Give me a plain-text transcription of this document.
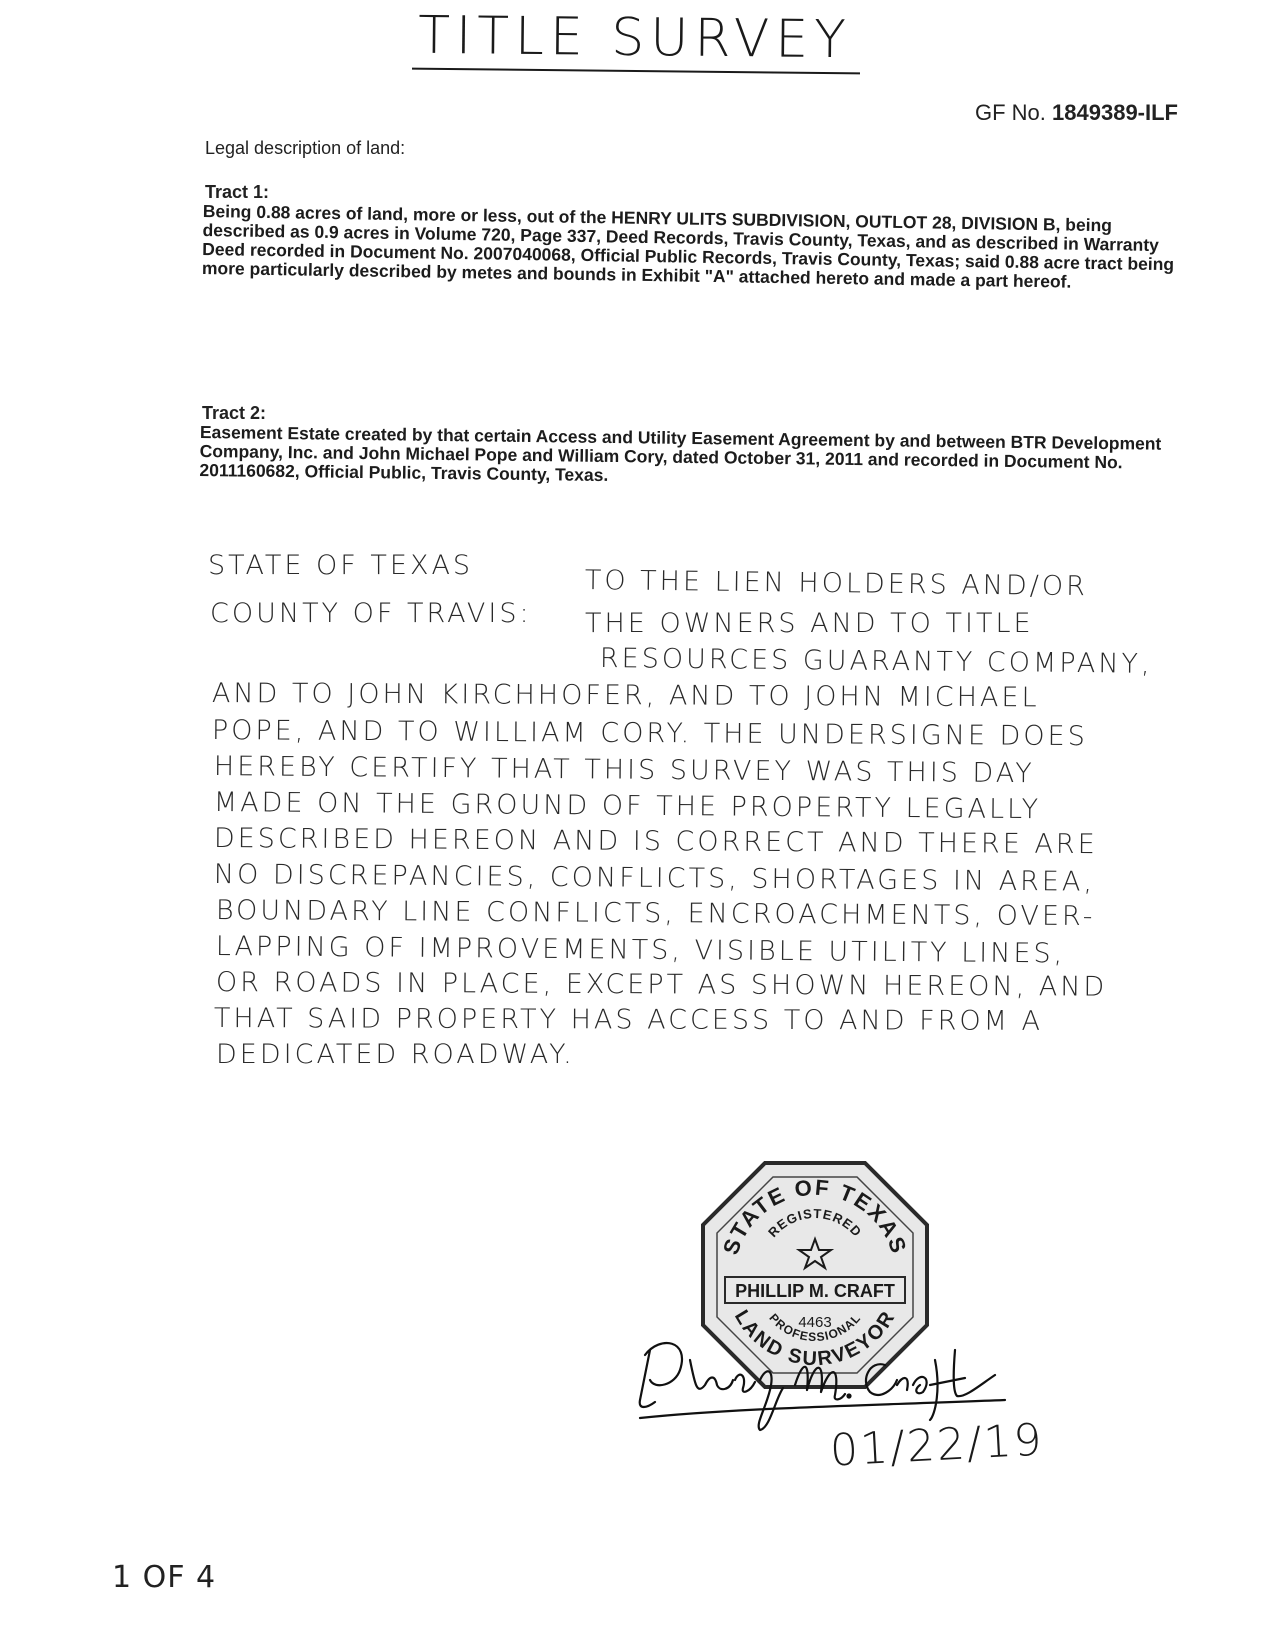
TITLE SURVEY
GF No. 1849389-ILF
Legal description of land:
Tract 1:
Being 0.88 acres of land, more or less, out of the HENRY ULITS SUBDIVISION, OUTLOT 28, DIVISION B, being described as 0.9 acres in Volume 720, Page 337, Deed Records, Travis County, Texas, and as described in Warranty Deed recorded in Document No. 2007040068, Official Public Records, Travis County, Texas; said 0.88 acre tract being more particularly described by metes and bounds in Exhibit "A" attached hereto and made a part hereof.
Tract 2:
Easement Estate created by that certain Access and Utility Easement Agreement by and between BTR Development Company, Inc. and John Michael Pope and William Cory, dated October 31, 2011 and recorded in Document No. 2011160682, Official Public, Travis County, Texas.
STATE OF TEXAS
COUNTY OF TRAVIS:
TO THE LIEN HOLDERS AND/OR
THE OWNERS AND TO TITLE
RESOURCES GUARANTY COMPANY,
AND TO JOHN KIRCHHOFER, AND TO JOHN MICHAEL
POPE, AND TO WILLIAM CORY. THE UNDERSIGNE DOES
HEREBY CERTIFY THAT THIS SURVEY WAS THIS DAY
MADE ON THE GROUND OF THE PROPERTY LEGALLY
DESCRIBED HEREON AND IS CORRECT AND THERE ARE
NO DISCREPANCIES, CONFLICTS, SHORTAGES IN AREA,
BOUNDARY LINE CONFLICTS, ENCROACHMENTS, OVER-
LAPPING OF IMPROVEMENTS, VISIBLE UTILITY LINES,
OR ROADS IN PLACE, EXCEPT AS SHOWN HEREON, AND
THAT SAID PROPERTY HAS ACCESS TO AND FROM A
DEDICATED ROADWAY.
STATE OF TEXAS
REGISTERED
PHILLIP M. CRAFT
4463
PROFESSIONAL
LAND SURVEYOR
01/22/19
1 OF 4
